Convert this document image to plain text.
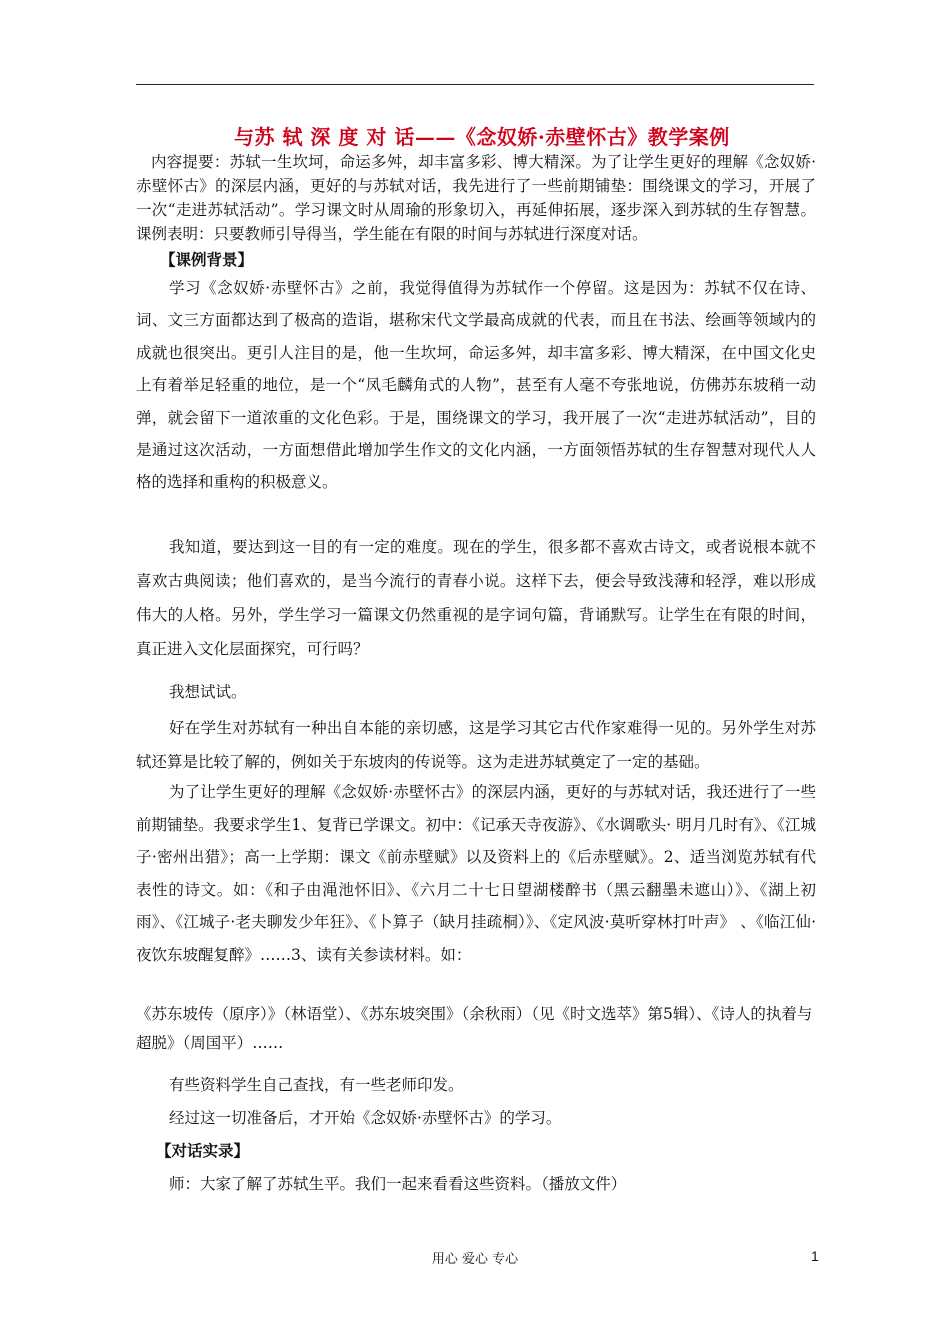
与苏 轼 深 度 对 话——《念奴娇·赤壁怀古》教学案例

内容提要：苏轼一生坎坷，命运多舛，却丰富多彩、博大精深。为了让学生更好的理解《念奴娇·赤壁怀古》的深层内涵，更好的与苏轼对话，我先进行了一些前期铺垫：围绕课文的学习，开展了一次“走进苏轼活动”。学习课文时从周瑜的形象切入，再延伸拓展，逐步深入到苏轼的生存智慧。课例表明：只要教师引导得当，学生能在有限的时间与苏轼进行深度对话。

【课例背景】

学习《念奴娇·赤壁怀古》之前，我觉得值得为苏轼作一个停留。这是因为：苏轼不仅在诗、词、文三方面都达到了极高的造诣，堪称宋代文学最高成就的代表，而且在书法、绘画等领域内的成就也很突出。更引人注目的是，他一生坎坷，命运多舛，却丰富多彩、博大精深，在中国文化史上有着举足轻重的地位，是一个“凤毛麟角式的人物”，甚至有人毫不夸张地说，仿佛苏东坡稍一动弹，就会留下一道浓重的文化色彩。于是，围绕课文的学习，我开展了一次“走进苏轼活动”，目的是通过这次活动，一方面想借此增加学生作文的文化内涵，一方面领悟苏轼的生存智慧对现代人人格的选择和重构的积极意义。

我知道，要达到这一目的有一定的难度。现在的学生，很多都不喜欢古诗文，或者说根本就不喜欢古典阅读；他们喜欢的，是当今流行的青春小说。这样下去，便会导致浅薄和轻浮，难以形成伟大的人格。另外，学生学习一篇课文仍然重视的是字词句篇，背诵默写。让学生在有限的时间，真正进入文化层面探究，可行吗？

我想试试。

好在学生对苏轼有一种出自本能的亲切感，这是学习其它古代作家难得一见的。另外学生对苏轼还算是比较了解的，例如关于东坡肉的传说等。这为走进苏轼奠定了一定的基础。

为了让学生更好的理解《念奴娇·赤壁怀古》的深层内涵，更好的与苏轼对话，我还进行了一些前期铺垫。我要求学生1、复背已学课文。初中：《记承天寺夜游》、《水调歌头· 明月几时有》、《江城子·密州出猎》；高一上学期：课文《前赤壁赋》以及资料上的《后赤壁赋》。2、适当浏览苏轼有代表性的诗文。如：《和子由渑池怀旧》、《六月二十七日望湖楼醉书（黑云翻墨未遮山）》、《湖上初雨》、《江城子·老夫聊发少年狂》、《卜算子（缺月挂疏桐）》、《定风波·莫听穿林打叶声》 、《临江仙·夜饮东坡醒复醉》……3、读有关参读材料。如：

《苏东坡传（原序）》（林语堂）、《苏东坡突围》（余秋雨）（见《时文选萃》第5辑）、《诗人的执着与超脱》（周国平）……

有些资料学生自己查找，有一些老师印发。
经过这一切准备后，才开始《念奴娇·赤壁怀古》的学习。
【对话实录】
师：大家了解了苏轼生平。我们一起来看看这些资料。（播放文件）
用心 爱心 专心	1
